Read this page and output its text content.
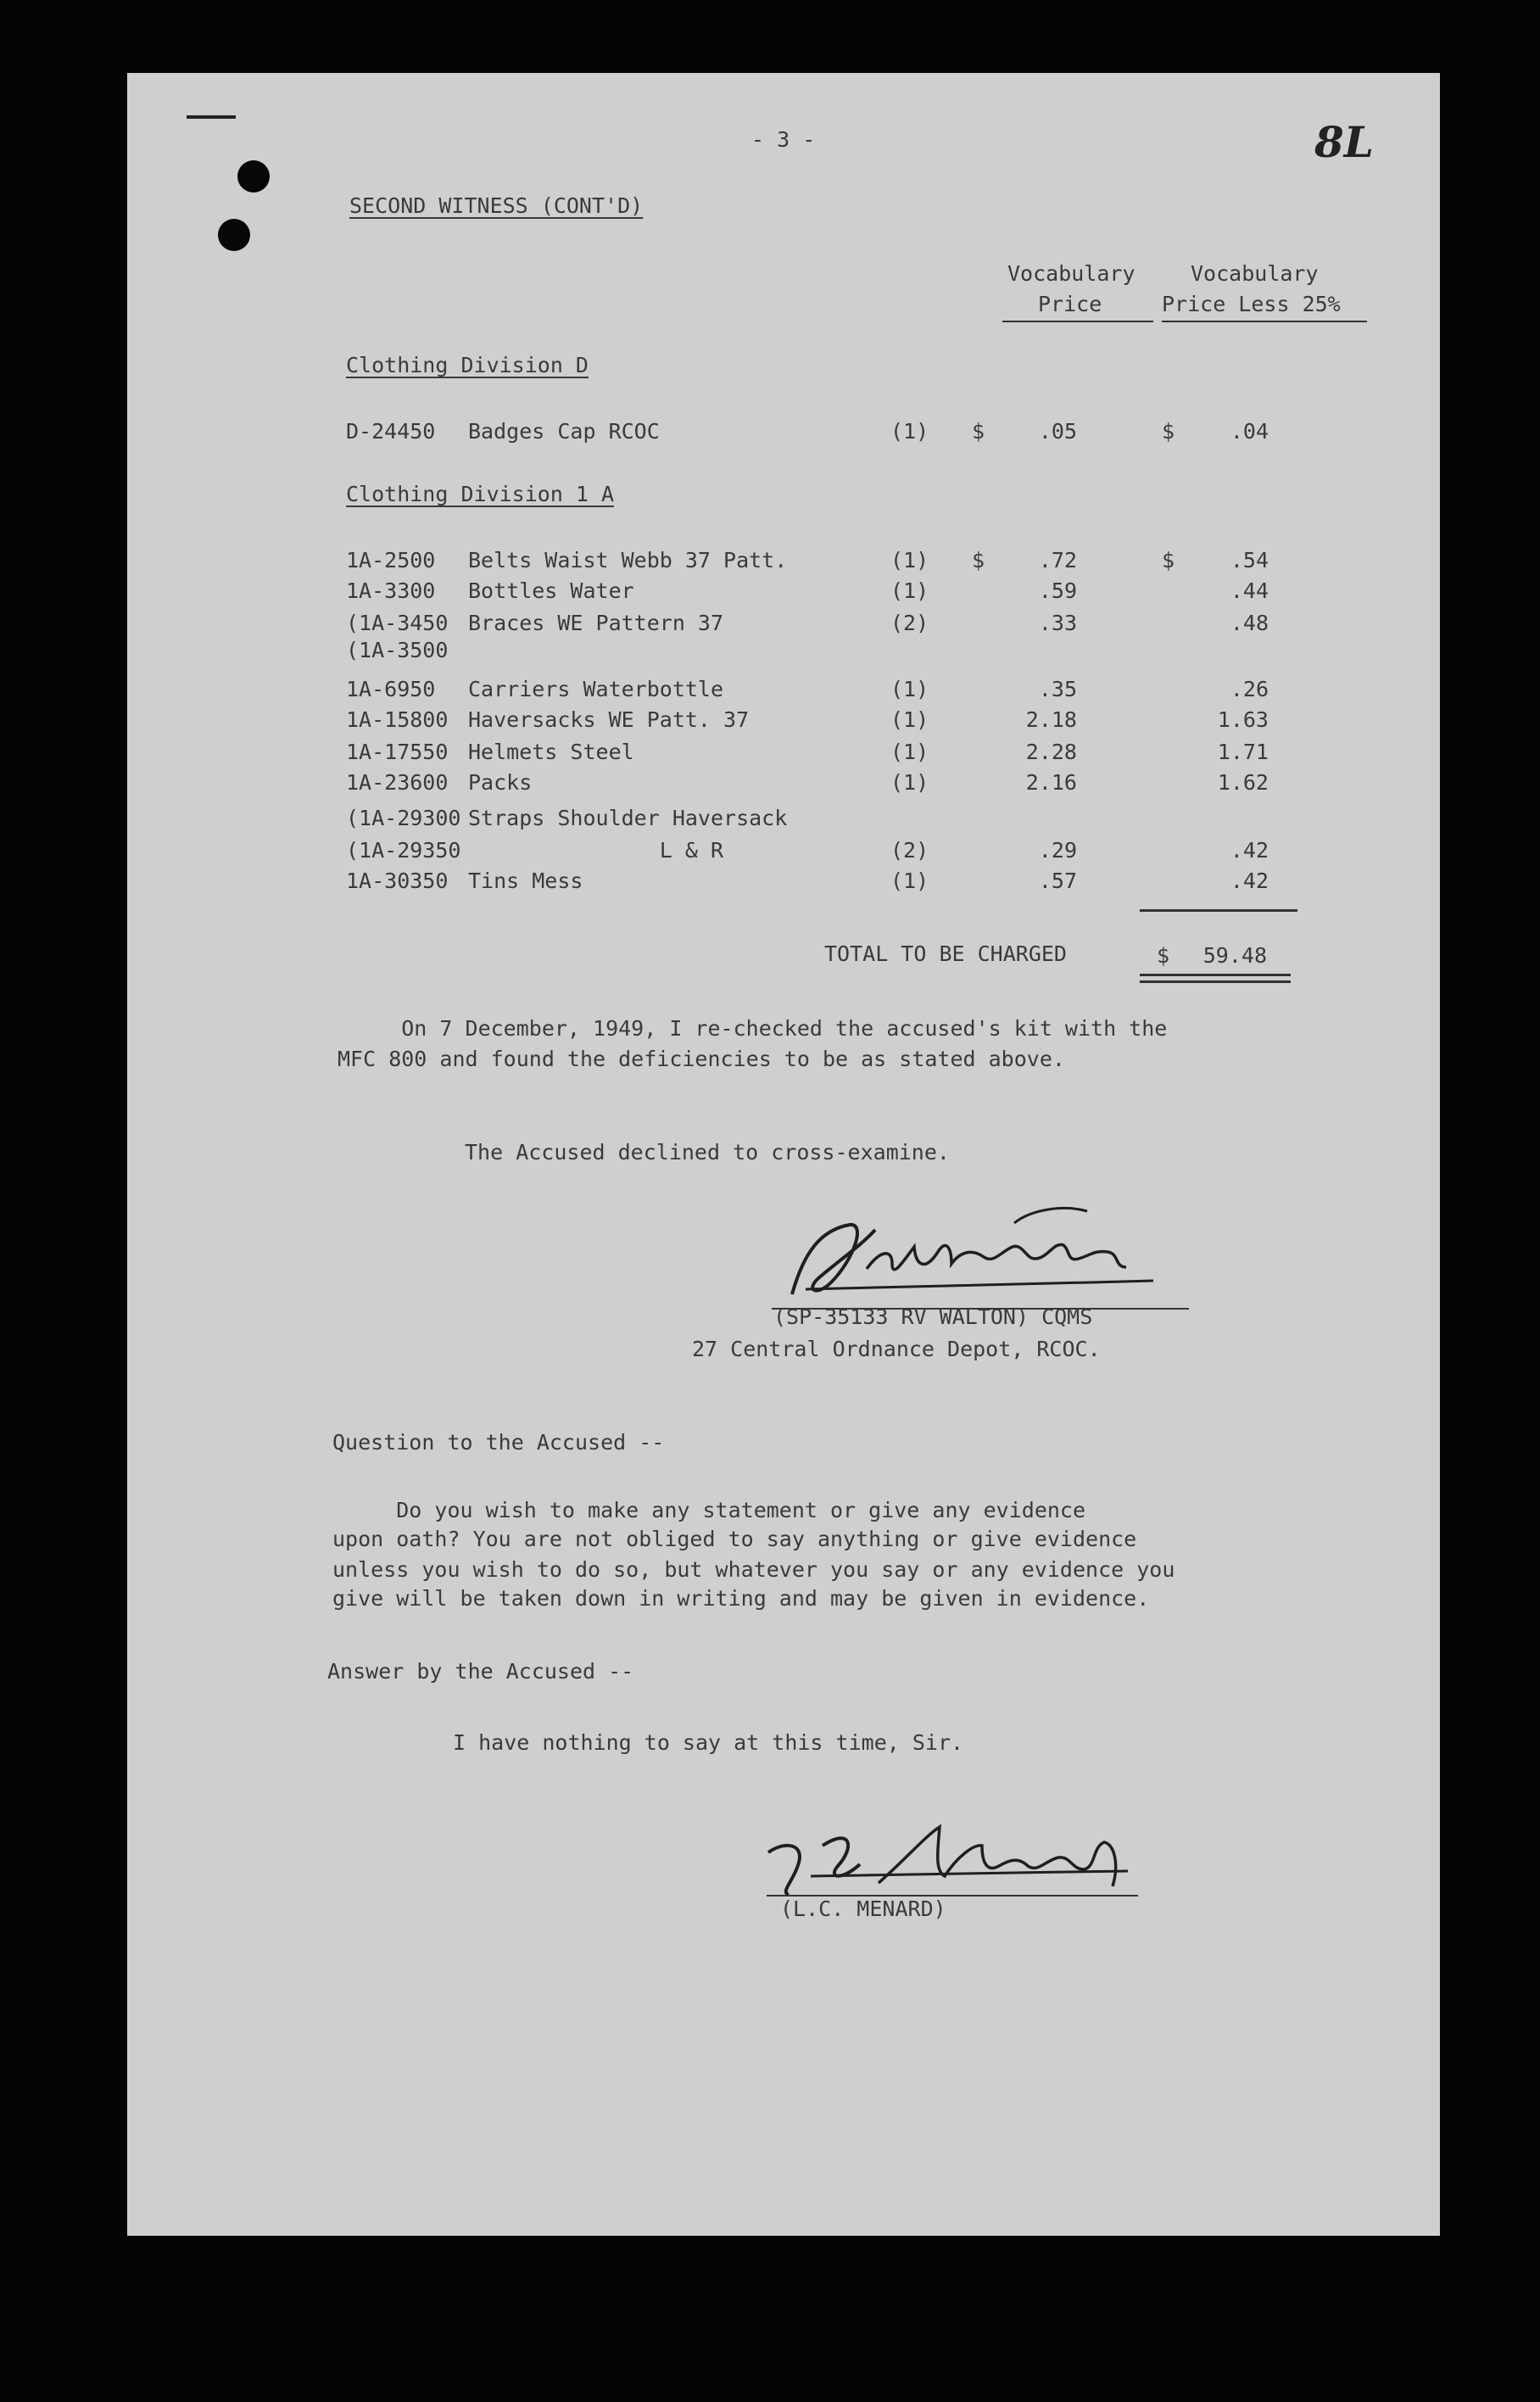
- 3 -	8L
SECOND WITNESS (CONT'D)
Vocabulary	Vocabulary
Price	Price Less 25%
Clothing Division D
D-24450 Badges Cap RCOC	(1) $	.05	$	.04
Clothing Division 1 A
1A-2500 Belts Waist Webb 37 Patt.	(1) $	.72	$	.54
1A-3300 Bottles Water	(1)	.59	.44
(1A-3450 Braces WE Pattern 37	(2)	.33	.48
(1A-3500
1A-6950 Carriers Waterbottle	(1)	.35	.26
1A-15800 Haversacks WE Patt. 37	(1)	2.18	1.63
1A-17550 Helmets Steel	(1)	2.28	1.71
1A-23600 Packs	(1)	2.16	1.62
(1A-29300 Straps Shoulder Haversack
(1A-29350 L & R	(2)	.29	.42
1A-30350 Tins Mess	(1)	.57	.42
TOTAL TO BE CHARGED	$	59.48
On 7 December, 1949, I re-checked the accused's kit with the
MFC 800 and found the deficiencies to be as stated above.
The Accused declined to cross-examine.
(SP-35133 RV WALTON) CQMS
27 Central Ordnance Depot, RCOC.
Question to the Accused --
Do you wish to make any statement or give any evidence
upon oath? You are not obliged to say anything or give evidence
unless you wish to do so, but whatever you say or any evidence you
give will be taken down in writing and may be given in evidence.
Answer by the Accused --
I have nothing to say at this time, Sir.
(L.C. MENARD)
